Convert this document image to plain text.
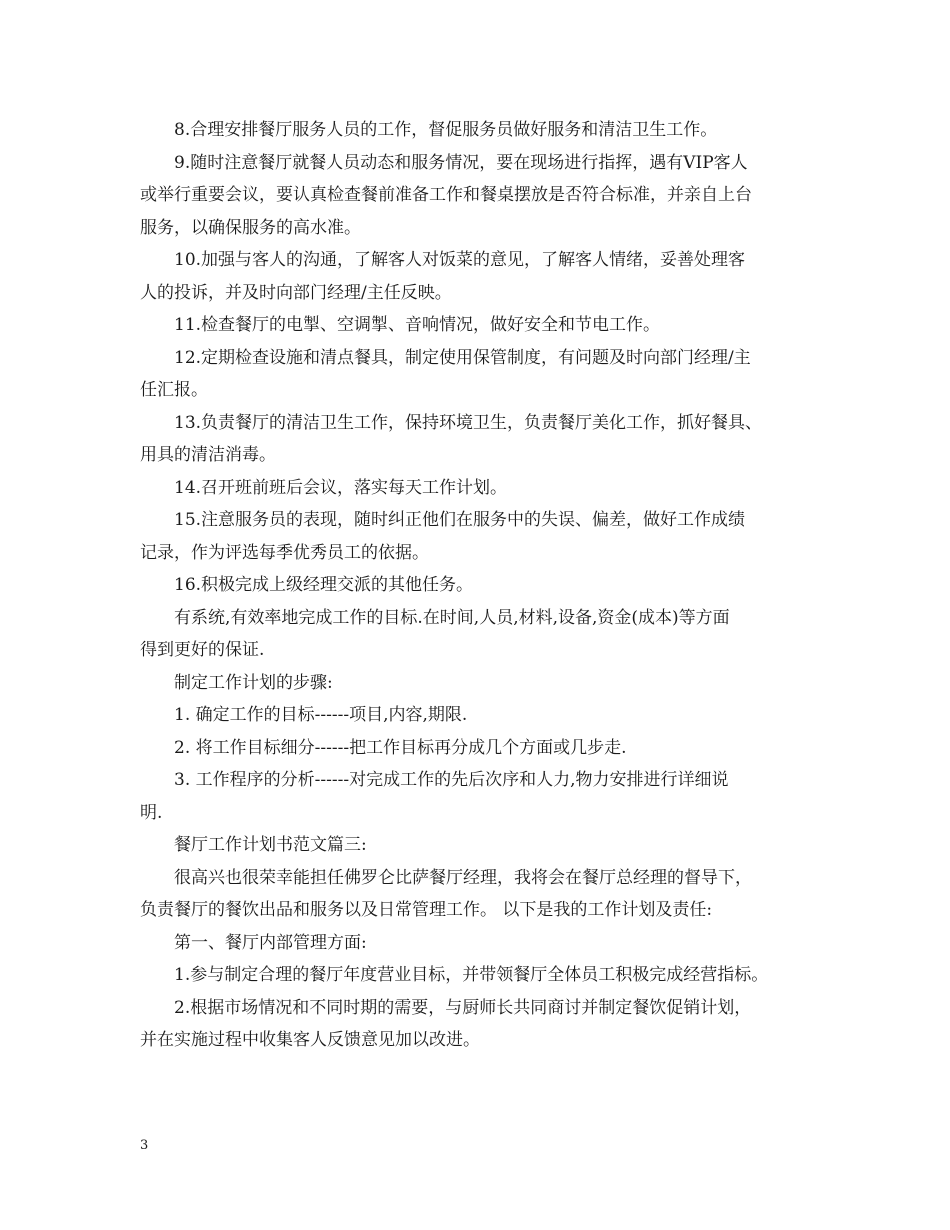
8.合理安排餐厅服务人员的工作，督促服务员做好服务和清洁卫生工作。
9.随时注意餐厅就餐人员动态和服务情况，要在现场进行指挥，遇有VIP客人
或举行重要会议，要认真检查餐前准备工作和餐桌摆放是否符合标准，并亲自上台
服务，以确保服务的高水准。
10.加强与客人的沟通，了解客人对饭菜的意见，了解客人情绪，妥善处理客
人的投诉，并及时向部门经理/主任反映。
11.检查餐厅的电掣、空调掣、音响情况，做好安全和节电工作。
12.定期检查设施和清点餐具，制定使用保管制度，有问题及时向部门经理/主
任汇报。
13.负责餐厅的清洁卫生工作，保持环境卫生，负责餐厅美化工作，抓好餐具、
用具的清洁消毒。
14.召开班前班后会议，落实每天工作计划。
15.注意服务员的表现，随时纠正他们在服务中的失误、偏差，做好工作成绩
记录，作为评选每季优秀员工的依据。
16.积极完成上级经理交派的其他任务。
有系统,有效率地完成工作的目标.在时间,人员,材料,设备,资金(成本)等方面
得到更好的保证.
制定工作计划的步骤:
1. 确定工作的目标------项目,内容,期限.
2. 将工作目标细分------把工作目标再分成几个方面或几步走.
3. 工作程序的分析------对完成工作的先后次序和人力,物力安排进行详细说
明.
餐厅工作计划书范文篇三:
很高兴也很荣幸能担任佛罗仑比萨餐厅经理，我将会在餐厅总经理的督导下，
负责餐厅的餐饮出品和服务以及日常管理工作。 以下是我的工作计划及责任:
第一、餐厅内部管理方面:
1.参与制定合理的餐厅年度营业目标，并带领餐厅全体员工积极完成经营指标。
2.根据市场情况和不同时期的需要，与厨师长共同商讨并制定餐饮促销计划，
并在实施过程中收集客人反馈意见加以改进。
3
